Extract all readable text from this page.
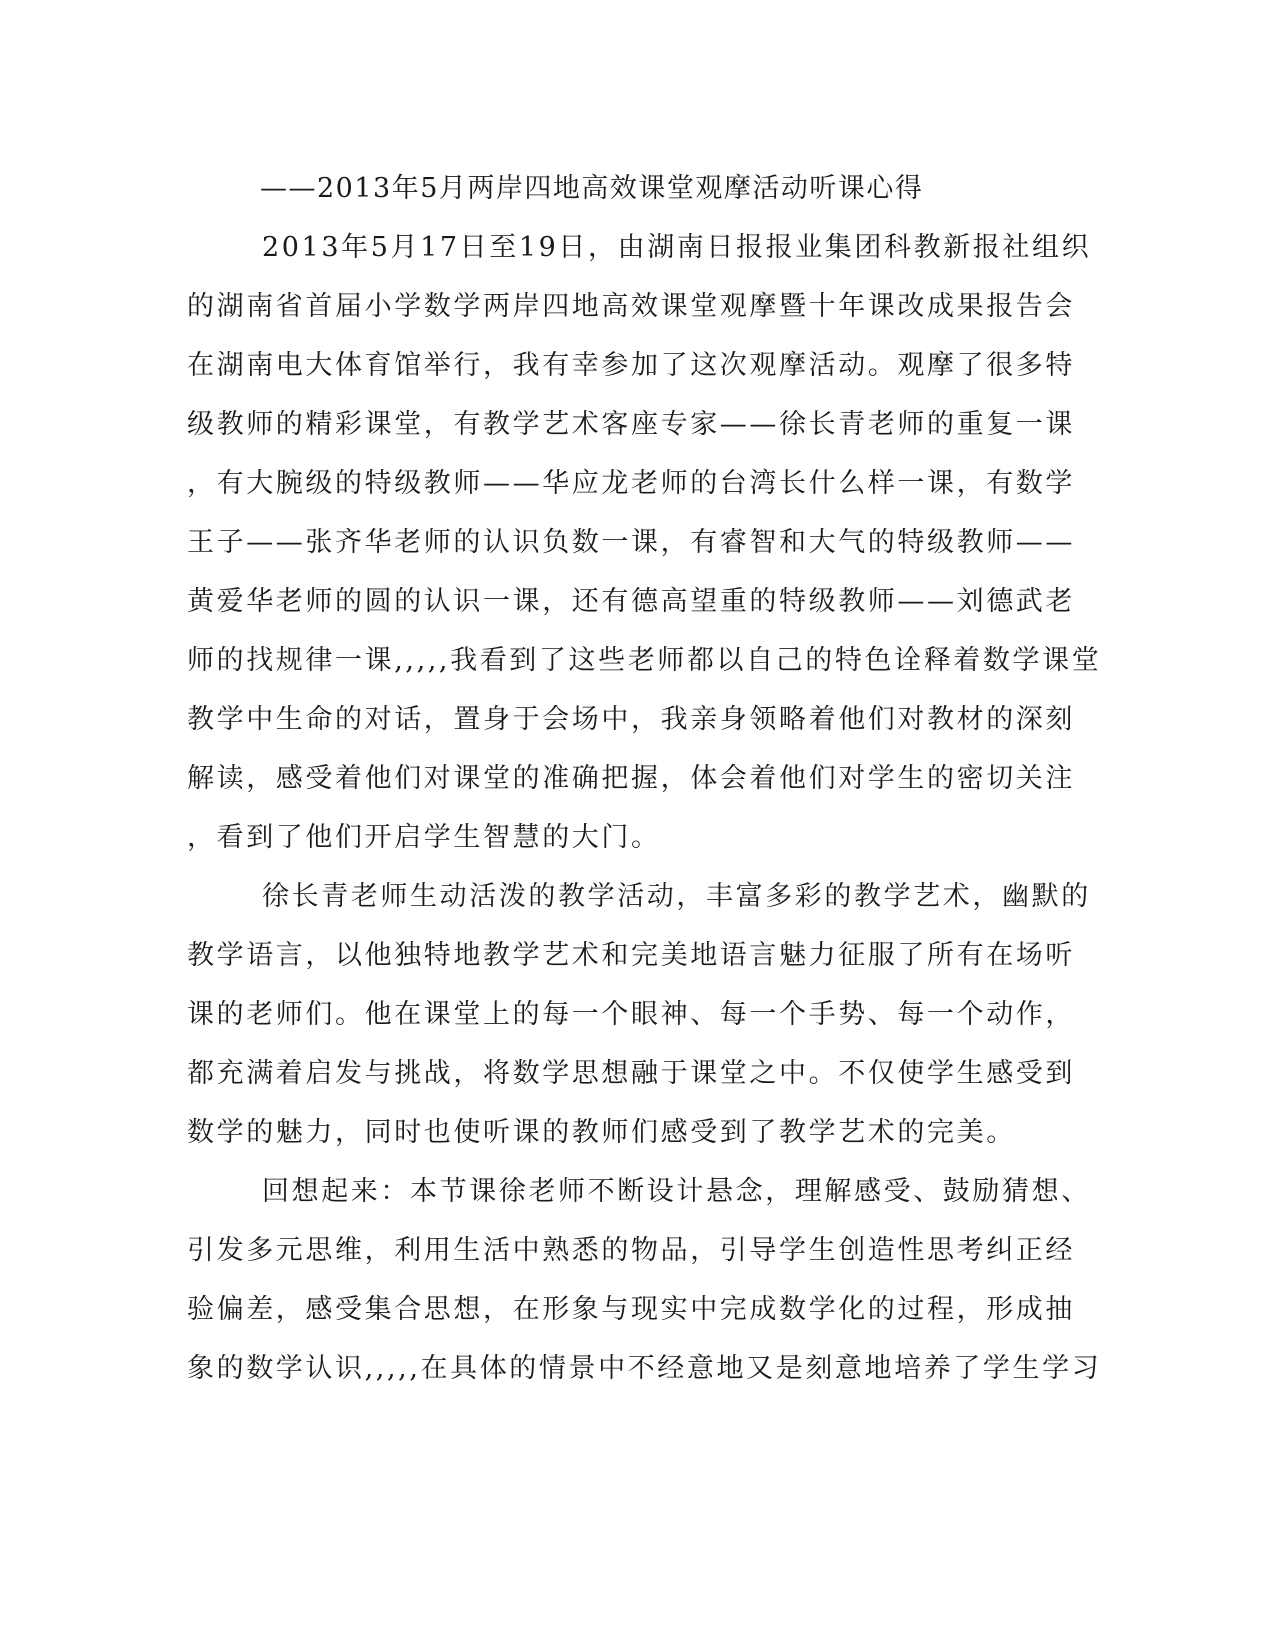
——2013年5月两岸四地高效课堂观摩活动听课心得
2013年5月17日至19日，由湖南日报报业集团科教新报社组织
的湖南省首届小学数学两岸四地高效课堂观摩暨十年课改成果报告会
在湖南电大体育馆举行，我有幸参加了这次观摩活动。观摩了很多特
级教师的精彩课堂，有教学艺术客座专家——徐长青老师的重复一课
，有大腕级的特级教师——华应龙老师的台湾长什么样一课，有数学
王子——张齐华老师的认识负数一课，有睿智和大气的特级教师——
黄爱华老师的圆的认识一课，还有德高望重的特级教师——刘德武老
师的找规律一课,,,,,我看到了这些老师都以自己的特色诠释着数学课堂
教学中生命的对话，置身于会场中，我亲身领略着他们对教材的深刻
解读，感受着他们对课堂的准确把握，体会着他们对学生的密切关注
，看到了他们开启学生智慧的大门。
徐长青老师生动活泼的教学活动，丰富多彩的教学艺术，幽默的
教学语言，以他独特地教学艺术和完美地语言魅力征服了所有在场听
课的老师们。他在课堂上的每一个眼神、每一个手势、每一个动作，
都充满着启发与挑战，将数学思想融于课堂之中。不仅使学生感受到
数学的魅力，同时也使听课的教师们感受到了教学艺术的完美。
回想起来：本节课徐老师不断设计悬念，理解感受、鼓励猜想、
引发多元思维，利用生活中熟悉的物品，引导学生创造性思考纠正经
验偏差，感受集合思想，在形象与现实中完成数学化的过程，形成抽
象的数学认识,,,,,在具体的情景中不经意地又是刻意地培养了学生学习
